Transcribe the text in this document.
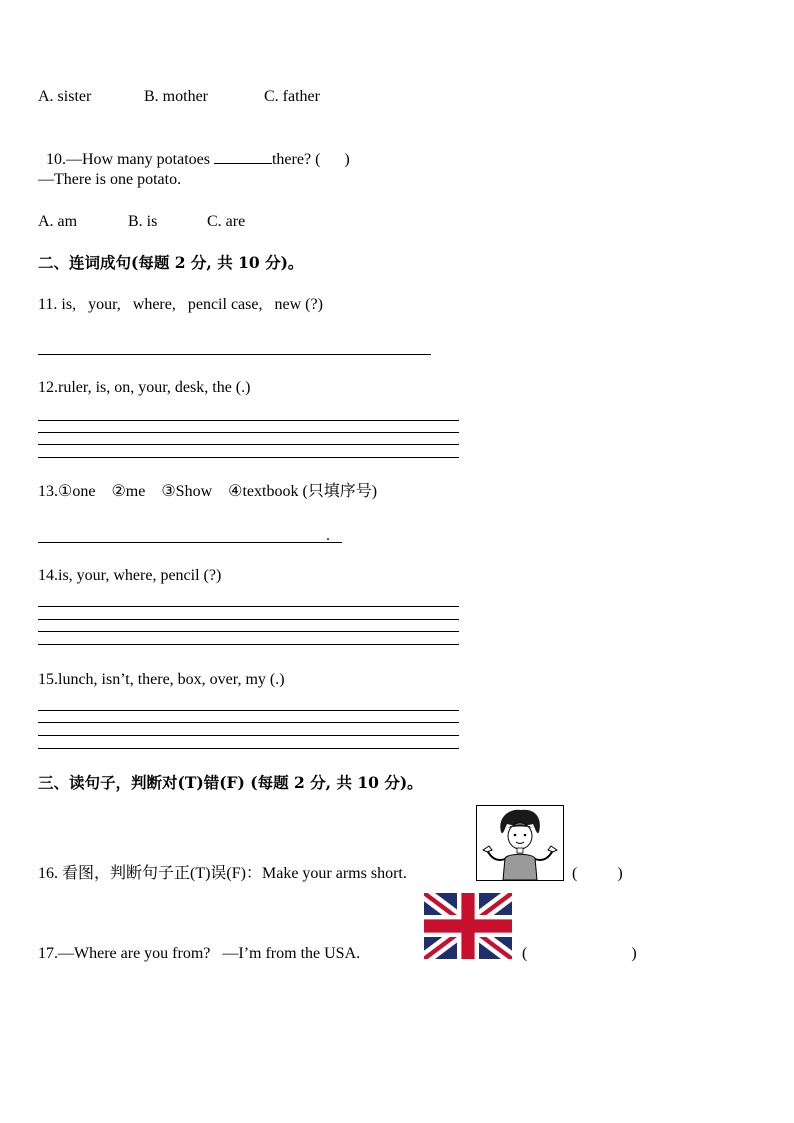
A. sister	B. mother	C. father

10.—How many potatoes	there? (      )

—There is one potato.
A. am	B. is	C. are
二、连词成句(每题 2 分, 共 10 分)。
11. is,   your,   where,   pencil case,   new (?)
12.ruler, is, on, your, desk, the (.)
13.①one    ②me    ③Show    ④textbook (只填序号)
.
14.is, your, where, pencil (?)
15.lunch, isn’t, there, box, over, my (.)
三、读句子，判断对(T)错(F) (每题 2 分, 共 10 分)。
16. 看图，判断句子正(T)误(F)：Make your arms short.	(          )
17.—Where are you from?   —I’m from the USA.	(                          )
